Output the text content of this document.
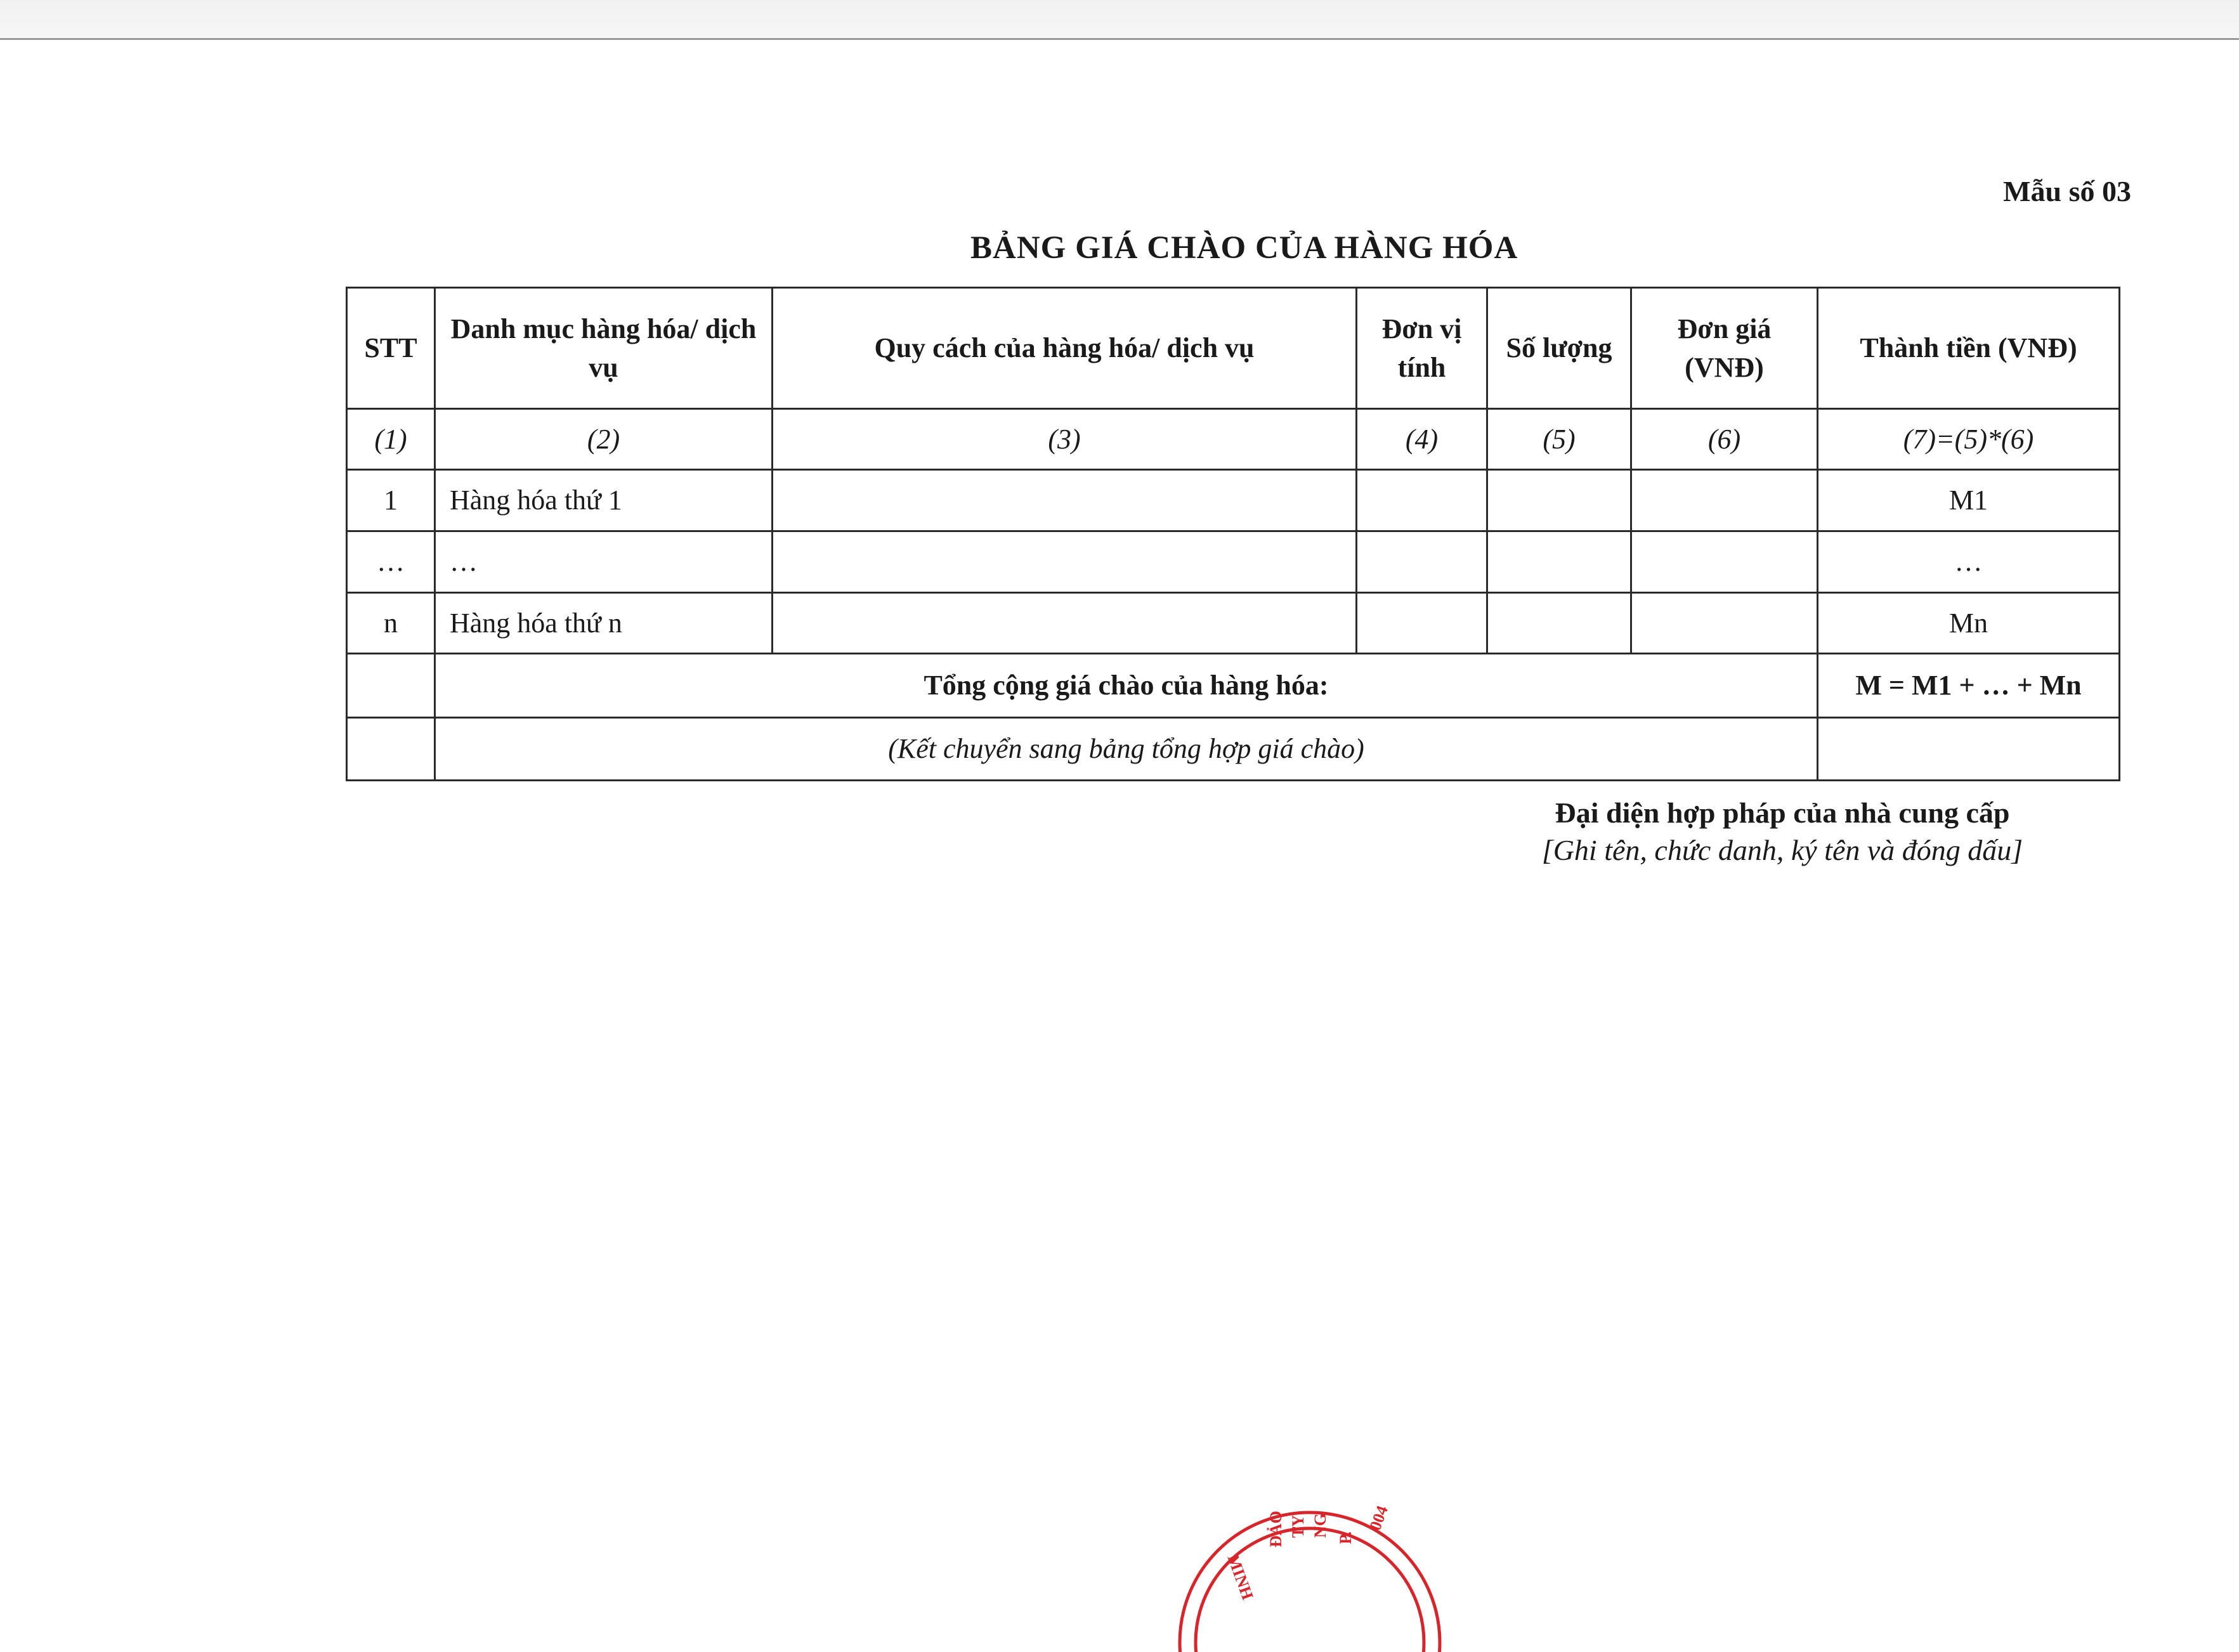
Mẫu số 03
BẢNG GIÁ CHÀO CỦA HÀNG HÓA
STT	Danh mục hàng hóa/ dịch vụ	Quy cách của hàng hóa/ dịch vụ	Đơn vị tính	Số lượng	Đơn giá (VNĐ)	Thành tiền (VNĐ)
(1)	(2)	(3)	(4)	(5)	(6)	(7)=(5)*(6)
1	Hàng hóa thứ 1					M1
…	…					…
n	Hàng hóa thứ n					Mn
	Tổng cộng giá chào của hàng hóa:					M = M1 + … + Mn
	(Kết chuyển sang bảng tổng hợp giá chào)					
Đại diện hợp pháp của nhà cung cấp
[Ghi tên, chức danh, ký tên và đóng dấu]
ĐẢO TY NG P.
004
MINH
